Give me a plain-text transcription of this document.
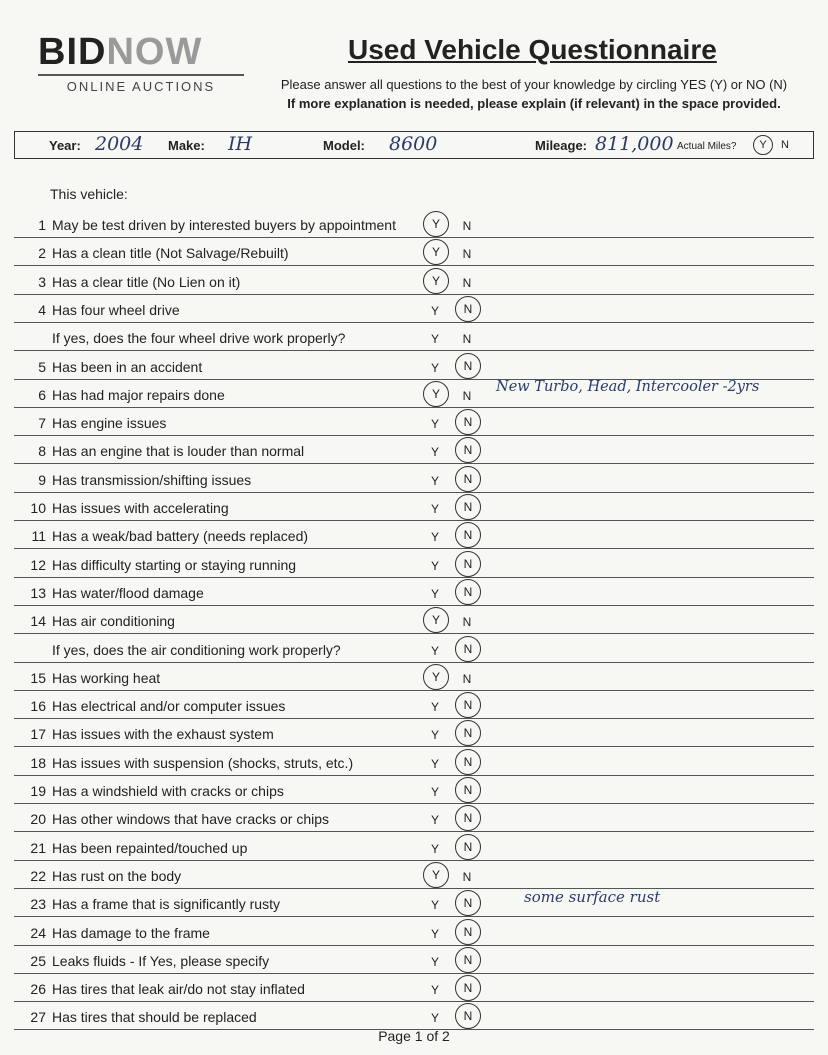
BIDNOW
ONLINE AUCTIONS
Used Vehicle Questionnaire
Please answer all questions to the best of your knowledge by circling YES (Y) or NO (N)
If more explanation is needed, please explain (if relevant) in the space provided.
Year: 2004 Make: IH	Model: 8600	Mileage: 811,000 Actual Miles?	Y	N
This vehicle:
1 May be test driven by interested buyers by appointment	Y	N
2 Has a clean title (Not Salvage/Rebuilt)	Y	N
3 Has a clear title (No Lien on it)	Y	N
4 Has four wheel drive	Y	N
If yes, does the four wheel drive work properly?	Y	N
5 Has been in an accident	Y	N
6 Has had major repairs done	Y	N
New Turbo, Head, Intercooler -2yrs
7 Has engine issues	Y	N
8 Has an engine that is louder than normal	Y	N
9 Has transmission/shifting issues	Y	N
10 Has issues with accelerating	Y	N
11 Has a weak/bad battery (needs replaced)	Y	N
12 Has difficulty starting or staying running	Y	N
13 Has water/flood damage	Y	N
14 Has air conditioning	Y	N
If yes, does the air conditioning work properly?	Y	N
15 Has working heat	Y	N
16 Has electrical and/or computer issues	Y	N
17 Has issues with the exhaust system	Y	N
18 Has issues with suspension (shocks, struts, etc.)	Y	N
19 Has a windshield with cracks or chips	Y	N
20 Has other windows that have cracks or chips	Y	N
21 Has been repainted/touched up	Y	N
22 Has rust on the body	Y	N
23 Has a frame that is significantly rusty	Y	N	some surface rust
24 Has damage to the frame	Y	N
25 Leaks fluids - If Yes, please specify	Y	N
26 Has tires that leak air/do not stay inflated	Y	N
27 Has tires that should be replaced	Y	N
Page 1 of 2
